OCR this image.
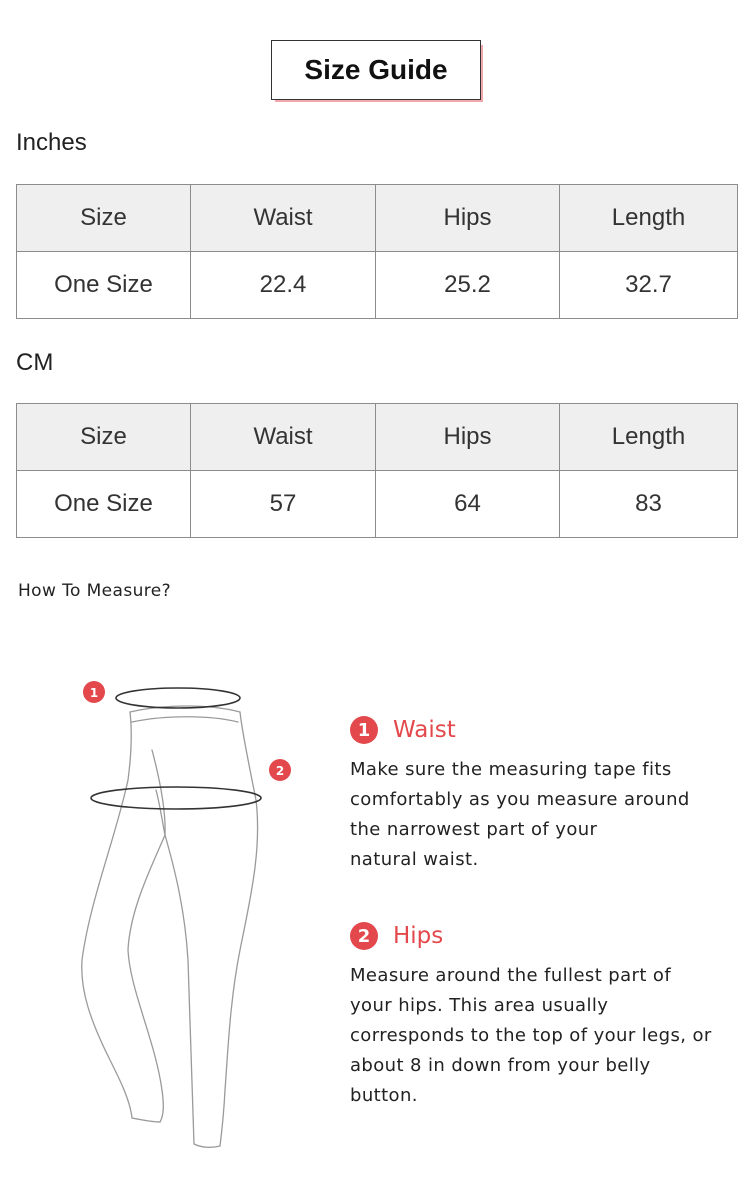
Size Guide
Inches
Size	Waist	Hips	Length
One Size	22.4	25.2	32.7
CM
Size	Waist	Hips	Length
One Size	57	64	83
How To Measure?
1
2
1 Waist
Make sure the measuring tape fits
comfortably as you measure around
the narrowest part of your
natural waist.
2 Hips
Measure around the fullest part of
your hips. This area usually
corresponds to the top of your legs, or
about 8 in down from your belly
button.
